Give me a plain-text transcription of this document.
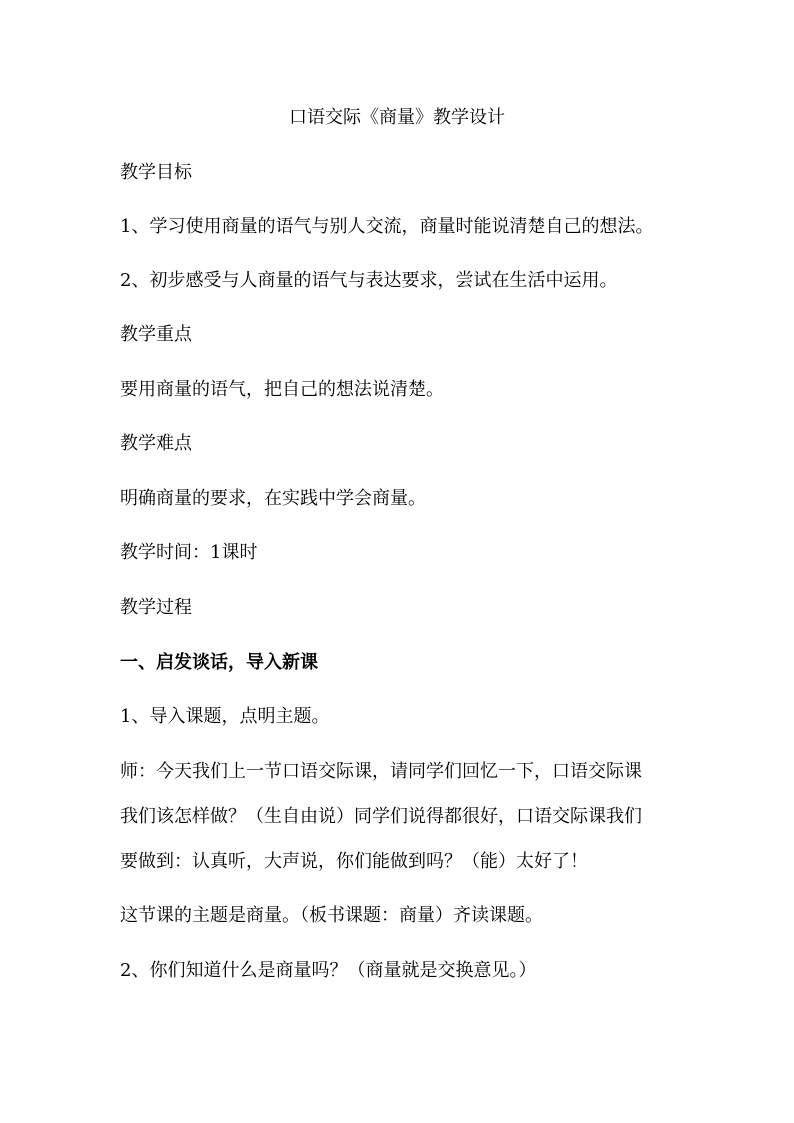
口语交际《商量》教学设计
教学目标
1、学习使用商量的语气与别人交流，商量时能说清楚自己的想法。
2、初步感受与人商量的语气与表达要求，尝试在生活中运用。
教学重点
要用商量的语气，把自己的想法说清楚。
教学难点
明确商量的要求，在实践中学会商量。
教学时间：1课时
教学过程
一、启发谈话，导入新课
1、导入课题，点明主题。
师：今天我们上一节口语交际课，请同学们回忆一下，口语交际课
我们该怎样做？（生自由说）同学们说得都很好，口语交际课我们
要做到：认真听，大声说，你们能做到吗？（能）太好了！
这节课的主题是商量。（板书课题：商量）齐读课题。
2、你们知道什么是商量吗？（商量就是交换意见。）
